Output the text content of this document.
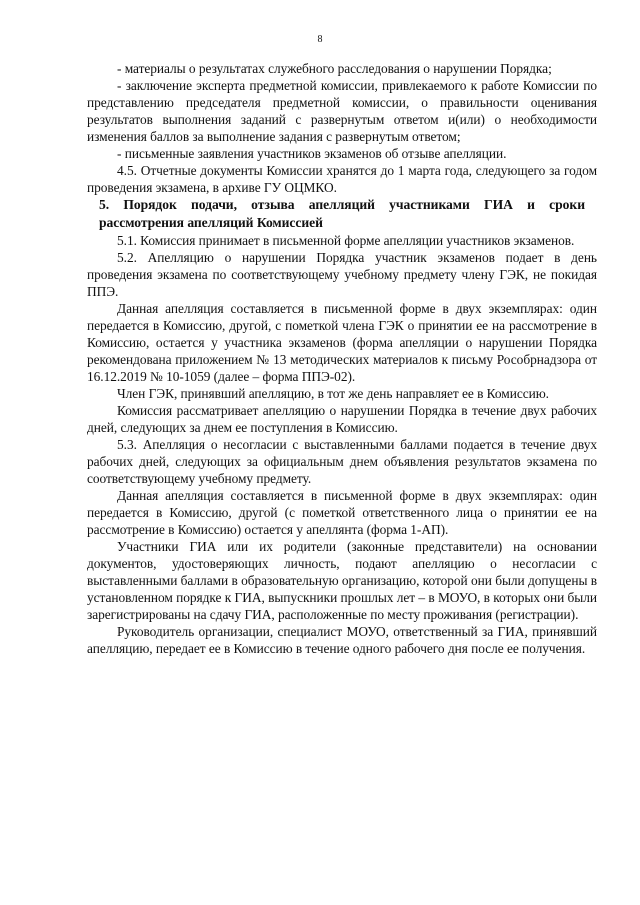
8

- материалы о результатах служебного расследования о нарушении Порядка;

- заключение эксперта предметной комиссии, привлекаемого к работе Комиссии по представлению председателя предметной комиссии, о правильности оценивания результатов выполнения заданий с развернутым ответом и(или) о необходимости изменения баллов за выполнение задания с развернутым ответом;

- письменные заявления участников экзаменов об отзыве апелляции.

4.5. Отчетные документы Комиссии хранятся до 1 марта года, следующего за годом проведения экзамена, в архиве ГУ ОЦМКО.

5. Порядок подачи, отзыва апелляций участниками ГИА и сроки рассмотрения апелляций Комиссией

5.1. Комиссия принимает в письменной форме апелляции участников экзаменов.

5.2. Апелляцию о нарушении Порядка участник экзаменов подает в день проведения экзамена по соответствующему учебному предмету члену ГЭК, не покидая ППЭ.

Данная апелляция составляется в письменной форме в двух экземплярах: один передается в Комиссию, другой, с пометкой члена ГЭК о принятии ее на рассмотрение в Комиссию, остается у участника экзаменов (форма апелляции о нарушении Порядка рекомендована приложением № 13 методических материалов к письму Рособрнадзора от 16.12.2019 № 10-1059 (далее – форма ППЭ-02).

Член ГЭК, принявший апелляцию, в тот же день направляет ее в Комиссию.

Комиссия рассматривает апелляцию о нарушении Порядка в течение двух рабочих дней, следующих за днем ее поступления в Комиссию.

5.3. Апелляция о несогласии с выставленными баллами подается в течение двух рабочих дней, следующих за официальным днем объявления результатов экзамена по соответствующему учебному предмету.

Данная апелляция составляется в письменной форме в двух экземплярах: один передается в Комиссию, другой (с пометкой ответственного лица о принятии ее на рассмотрение в Комиссию) остается у апеллянта (форма 1-АП).

Участники ГИА или их родители (законные представители) на основании документов, удостоверяющих личность, подают апелляцию о несогласии с выставленными баллами в образовательную организацию, которой они были допущены в установленном порядке к ГИА, выпускники прошлых лет – в МОУО, в которых они были зарегистрированы на сдачу ГИА, расположенные по месту проживания (регистрации).

Руководитель организации, специалист МОУО, ответственный за ГИА, принявший апелляцию, передает ее в Комиссию в течение одного рабочего дня после ее получения.
